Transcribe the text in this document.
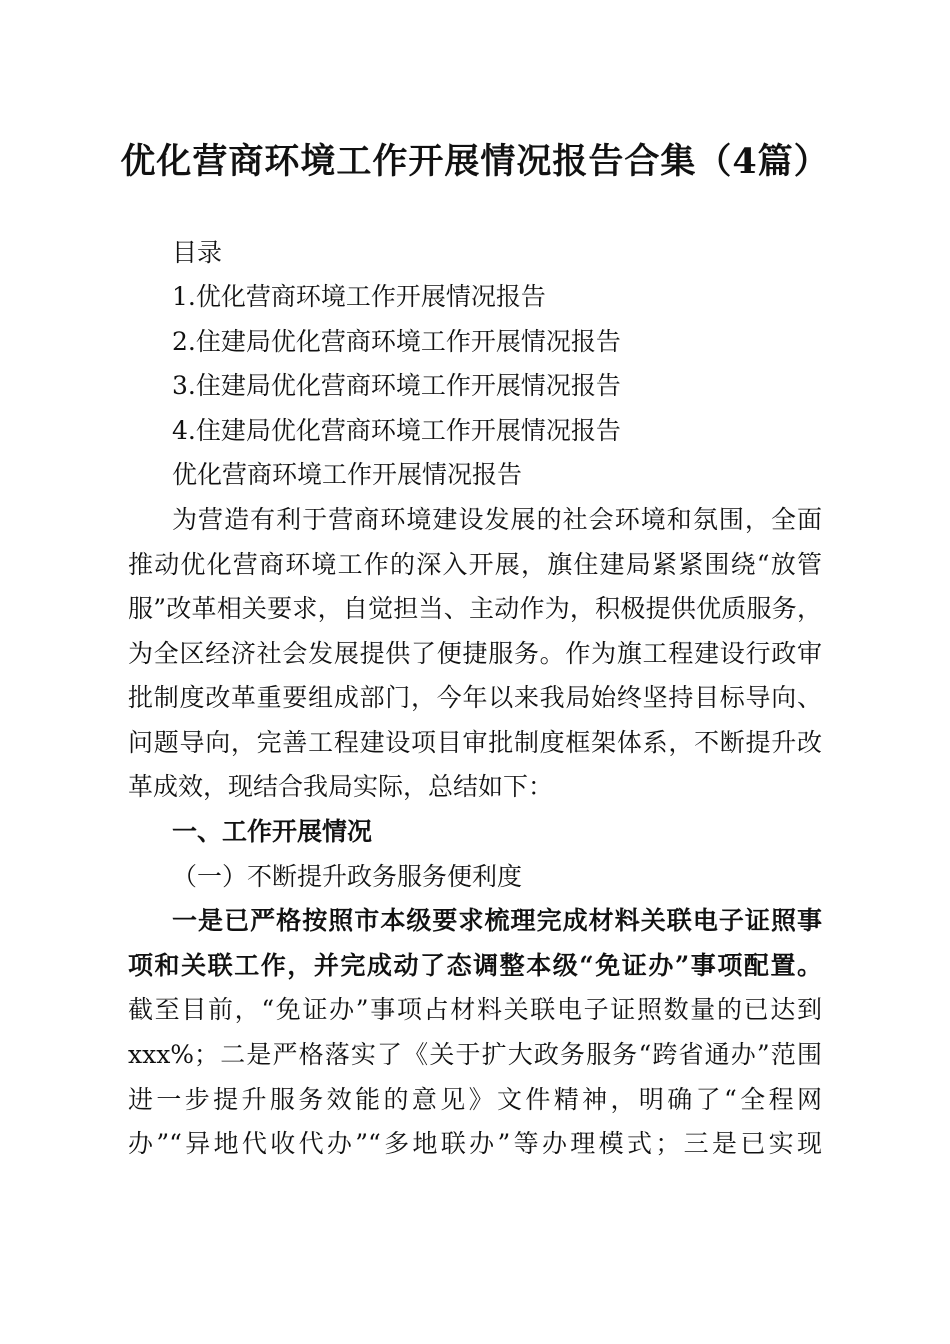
优化营商环境工作开展情况报告合集（4篇）
目录
1.优化营商环境工作开展情况报告
2.住建局优化营商环境工作开展情况报告
3.住建局优化营商环境工作开展情况报告
4.住建局优化营商环境工作开展情况报告
优化营商环境工作开展情况报告
为营造有利于营商环境建设发展的社会环境和氛围，全面
推动优化营商环境工作的深入开展，旗住建局紧紧围绕“放管
服”改革相关要求，自觉担当、主动作为，积极提供优质服务，
为全区经济社会发展提供了便捷服务。作为旗工程建设行政审
批制度改革重要组成部门，今年以来我局始终坚持目标导向、
问题导向，完善工程建设项目审批制度框架体系，不断提升改
革成效，现结合我局实际，总结如下：
一、工作开展情况
（一）不断提升政务服务便利度
一是已严格按照市本级要求梳理完成材料关联电子证照事
项和关联工作，并完成动了态调整本级“免证办”事项配置。
截至目前，“免证办”事项占材料关联电子证照数量的已达到
xxx%；二是严格落实了《关于扩大政务服务“跨省通办”范围
进一步提升服务效能的意见》文件精神，明确了“全程网
办”“异地代收代办”“多地联办”等办理模式；三是已实现
